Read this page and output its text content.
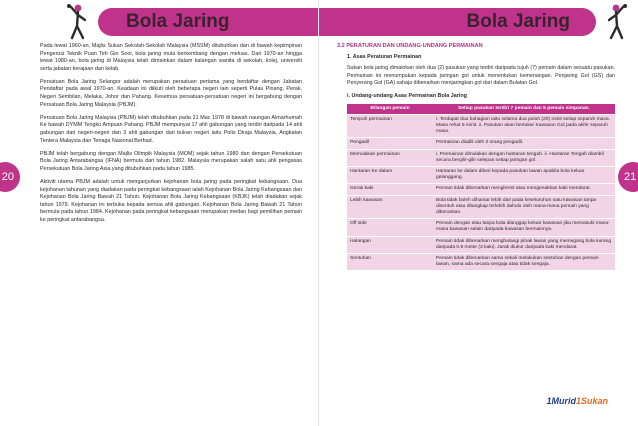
Bola Jaring
20

Pada lewat 1960-an, Majlis Sukan Sekolah-Sekolah Malaysia (MSSM) ditubuhkan dan di bawah kepimpinan Pengerusi Teknik Puan Teh Gin Sooi, bola jaring mula berkembang dengan meluas. Dari 1970-an hingga lewat 1980-an, bola jaring di Malaysia telah dimainkan dalam kalangan wanita di sekolah, kolej, universiti serta jabatan kerajaan dan kelab.

Persatuan Bola Jaring Selangor adalah merupakan persatuan pertama yang berdaftar dengan Jabatan Pendaftar pada awal 1970-an. Keadaan ini diikuti oleh beberapa negeri lain seperti Pulau Pinang, Perak, Negeri Sembilan, Melaka, Johor dan Pahang. Kesemua persatuan-persatuan negeri ini bergabung dengan Persatuan Bola Jaring Malaysia (PBJM).

Persatuan Bola Jaring Malaysia (PBJM) telah ditubuhkan pada 21 Mac 1978 di bawah naungan Almarhumah Ke bawah DYMM Tengku Ampuan Pahang. PBJM mempunyai 17 ahli gabungan yang terdiri daripada 14 ahli gabungan dari negeri-negeri dan 3 ahli gabungan dari bukan negeri iaitu Polis Diraja Malaysia, Angkatan Tentera Malaysia dan Tenaga Nasional Berhad.

PBJM telah bergabung dengan Majlis Olimpik Malaysia (MOM) sejak tahun 1980 dan dengan Persekutuan Bola Jaring Antarabangsa (IFNA) bermula dari tahun 1982. Malaysia merupakan salah satu ahli pengasas Persekutuan Bola Jaring Asia yang ditubuhkan pada tahun 1985.

Aktiviti utama PBJM adalah untuk menganjurkan kejohanan bola jaring pada peringkat kebangsaan. Dua kejohanan tahunan yang diadakan pada peringkat kebangsaan ialah Kejohanan Bola Jaring Kebangsaan dan Kejohanan Bola Jaring Bawah 21 Tahun. Kejohanan Bola Jaring Kebangsaan (KBJK) telah diadakan sejak tahun 1979. Kejohanan ini terbuka kepada semua ahli gabungan. Kejohanan Bola Jaring Bawah 21 Tahun bermula pada tahun 1984. Kejohanan pada peringkat kebangsaan merupakan medan bagi pemilihan pemain ke peringkat antarabangsa.

Bola Jaring
21
3.2 PERATURAN DAN UNDANG-UNDANG PERMAINAN
1. Asas Peraturan Permainan
Sukan bola jaring dimainkan oleh dua (2) pasukan yang terdiri daripada tujuh (7) pemain dalam sesuatu pasukan. Permainan ini menumpukan kepada jaringan gol untuk menentukan kemenangan. Penjaring Gol (GS) dan Penyerang Gol (GA) sahaja dibenarkan menjaringkan gol dari dalam Bulatan Gol.
i. Undang-undang Asas Permainan Bola Jaring
Bilangan pemain	Setiap pasukan terdiri 7 pemain dan 5 pemain simpanan.
Tempoh permainan	i. Terdapat dua bahagian iaitu selama dua puluh (20) minit setiap separuh masa. Masa rehat 5 minit. ii. Pasukan akan bertukar Kawasan Gol pada akhir separuh masa.
Pengadil	Permainan diadili oleh 2 orang pengadil.
Memulakan permainan	i. Permainan dimulakan dengan hantaran tengah. ii. Hantaran Tengah diambil secara bergilir-gilir selepas setiap jaringan gol.
Hantaran Ke dalam	Hantaran ke dalam diberi kepada pasukan lawan apabila bola keluar gelanggang.
Gerak kaki	Pemain tidak dibenarkan mengheret atau mengenakkan kaki mendarat.
Lebih kawasan	Bola tidak boleh dihantar lebih dari pada keseluruhan satu kawasan tanpa disentuh atau ditangkap terlebih dahulu oleh mana-mana pemain yang dibenarkan.
Off side	Pemain dengan atau tanpa bola dianggap keluar kawasan jika memasuki mana-mana kawasan selain daripada kawasan bermainnya.
Halangan	Pemain tidak dibenarkan menghalangi pihak lawan yang memegang bola kurang daripada 0.9 meter (3 kaki). Jarak diukur daripada kaki mendarat.
Sentuhan	Pemain tidak dibenarkan sama sekali melakukan sentuhan dengan pemain lawan, sama ada secara sengaja atau tidak sengaja.
1Murid1Sukan
